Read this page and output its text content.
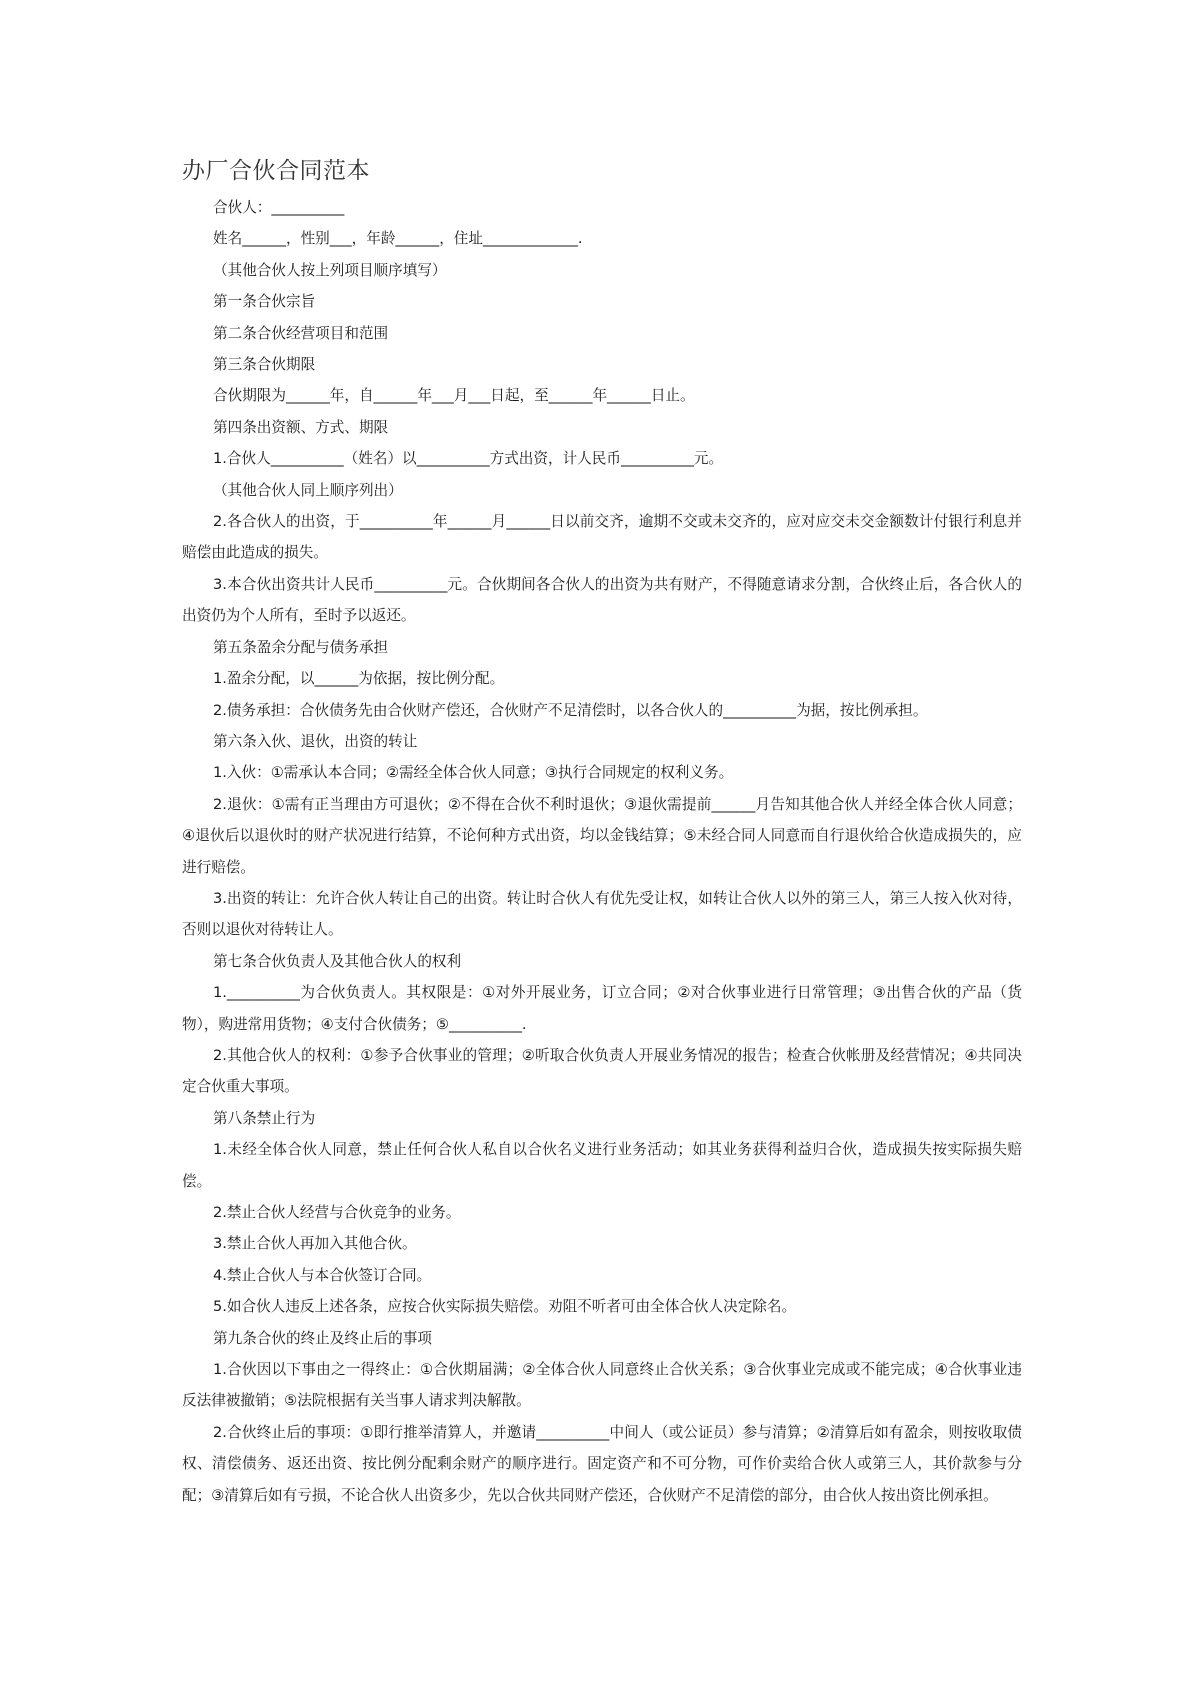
办厂合伙合同范本

合伙人：__________

姓名______，性别___，年龄______，住址_____________.

（其他合伙人按上列项目顺序填写）

第一条合伙宗旨

第二条合伙经营项目和范围

第三条合伙期限

合伙期限为______年，自______年___月___日起，至______年______日止。

第四条出资额、方式、期限

1.合伙人__________（姓名）以__________方式出资，计人民币__________元。

（其他合伙人同上顺序列出）

2.各合伙人的出资，于__________年______月______日以前交齐，逾期不交或未交齐的，应对应交未交金额数计付银行利息并赔偿由此造成的损失。

3.本合伙出资共计人民币__________元。合伙期间各合伙人的出资为共有财产，不得随意请求分割，合伙终止后，各合伙人的出资仍为个人所有，至时予以返还。

第五条盈余分配与债务承担

1.盈余分配，以______为依据，按比例分配。

2.债务承担：合伙债务先由合伙财产偿还，合伙财产不足清偿时，以各合伙人的__________为据，按比例承担。

第六条入伙、退伙，出资的转让

1.入伙：①需承认本合同；②需经全体合伙人同意；③执行合同规定的权利义务。

2.退伙：①需有正当理由方可退伙；②不得在合伙不利时退伙；③退伙需提前______月告知其他合伙人并经全体合伙人同意；④退伙后以退伙时的财产状况进行结算，不论何种方式出资，均以金钱结算；⑤未经合同人同意而自行退伙给合伙造成损失的，应进行赔偿。

3.出资的转让：允许合伙人转让自己的出资。转让时合伙人有优先受让权，如转让合伙人以外的第三人，第三人按入伙对待，否则以退伙对待转让人。

第七条合伙负责人及其他合伙人的权利

1.__________为合伙负责人。其权限是：①对外开展业务，订立合同；②对合伙事业进行日常管理；③出售合伙的产品（货物），购进常用货物；④支付合伙债务；⑤__________.

2.其他合伙人的权利：①参予合伙事业的管理；②听取合伙负责人开展业务情况的报告；检查合伙帐册及经营情况；④共同决定合伙重大事项。

第八条禁止行为

1.未经全体合伙人同意，禁止任何合伙人私自以合伙名义进行业务活动；如其业务获得利益归合伙，造成损失按实际损失赔偿。

2.禁止合伙人经营与合伙竞争的业务。

3.禁止合伙人再加入其他合伙。

4.禁止合伙人与本合伙签订合同。

5.如合伙人违反上述各条，应按合伙实际损失赔偿。劝阻不听者可由全体合伙人决定除名。

第九条合伙的终止及终止后的事项

1.合伙因以下事由之一得终止：①合伙期届满；②全体合伙人同意终止合伙关系；③合伙事业完成或不能完成；④合伙事业违反法律被撤销；⑤法院根据有关当事人请求判决解散。

2.合伙终止后的事项：①即行推举清算人，并邀请__________中间人（或公证员）参与清算；②清算后如有盈余，则按收取债权、清偿债务、返还出资、按比例分配剩余财产的顺序进行。固定资产和不可分物，可作价卖给合伙人或第三人，其价款参与分配；③清算后如有亏损，不论合伙人出资多少，先以合伙共同财产偿还，合伙财产不足清偿的部分，由合伙人按出资比例承担。
